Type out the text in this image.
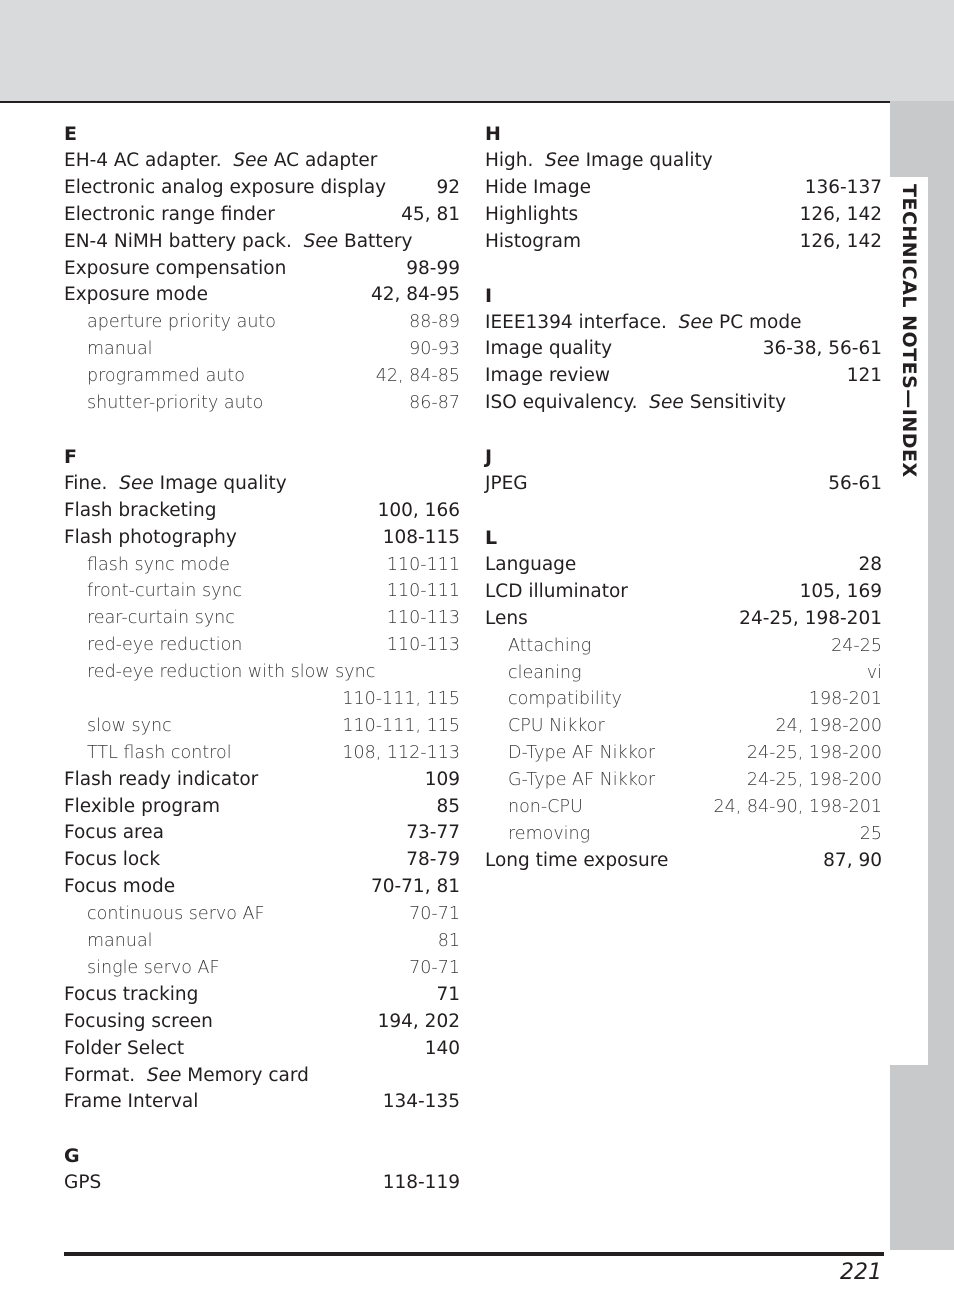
TECHNICAL NOTES—INDEX
E
EH-4 AC adapter.
See
AC adapter
Electronic analog exposure display	92
Electronic range finder	45, 81
EN-4 NiMH battery pack.
See
Battery
Exposure compensation	98-99
Exposure mode	42, 84-95
aperture priority auto	88-89
manual	90-93
programmed auto	42, 84-85
shutter-priority auto	86-87
F
Fine.
See
Image quality
Flash bracketing	100, 166
Flash photography	108-115
flash sync mode	110-111
front-curtain sync	110-111
rear-curtain sync	110-113
red-eye reduction	110-113
red-eye reduction with slow sync
110-111, 115
slow sync	110-111, 115
TTL flash control	108, 112-113
Flash ready indicator	109
Flexible program	85
Focus area	73-77
Focus lock	78-79
Focus mode	70-71, 81
continuous servo AF	70-71
manual	81
single servo AF	70-71
Focus tracking	71
Focusing screen	194, 202
Folder Select	140
Format.
See
Memory card
Frame Interval	134-135
G
GPS	118-119
H
High.
See
Image quality
Hide Image	136-137
Highlights	126, 142
Histogram	126, 142
I
IEEE1394 interface.
See
PC mode
Image quality	36-38, 56-61
Image review	121
ISO equivalency.
See
Sensitivity
J
JPEG	56-61
L
Language	28
LCD illuminator	105, 169
Lens	24-25, 198-201
Attaching	24-25
cleaning	vi
compatibility	198-201
CPU Nikkor	24, 198-200
D-Type AF Nikkor	24-25, 198-200
G-Type AF Nikkor	24-25, 198-200
non-CPU	24, 84-90, 198-201
removing	25
Long time exposure	87, 90
221
